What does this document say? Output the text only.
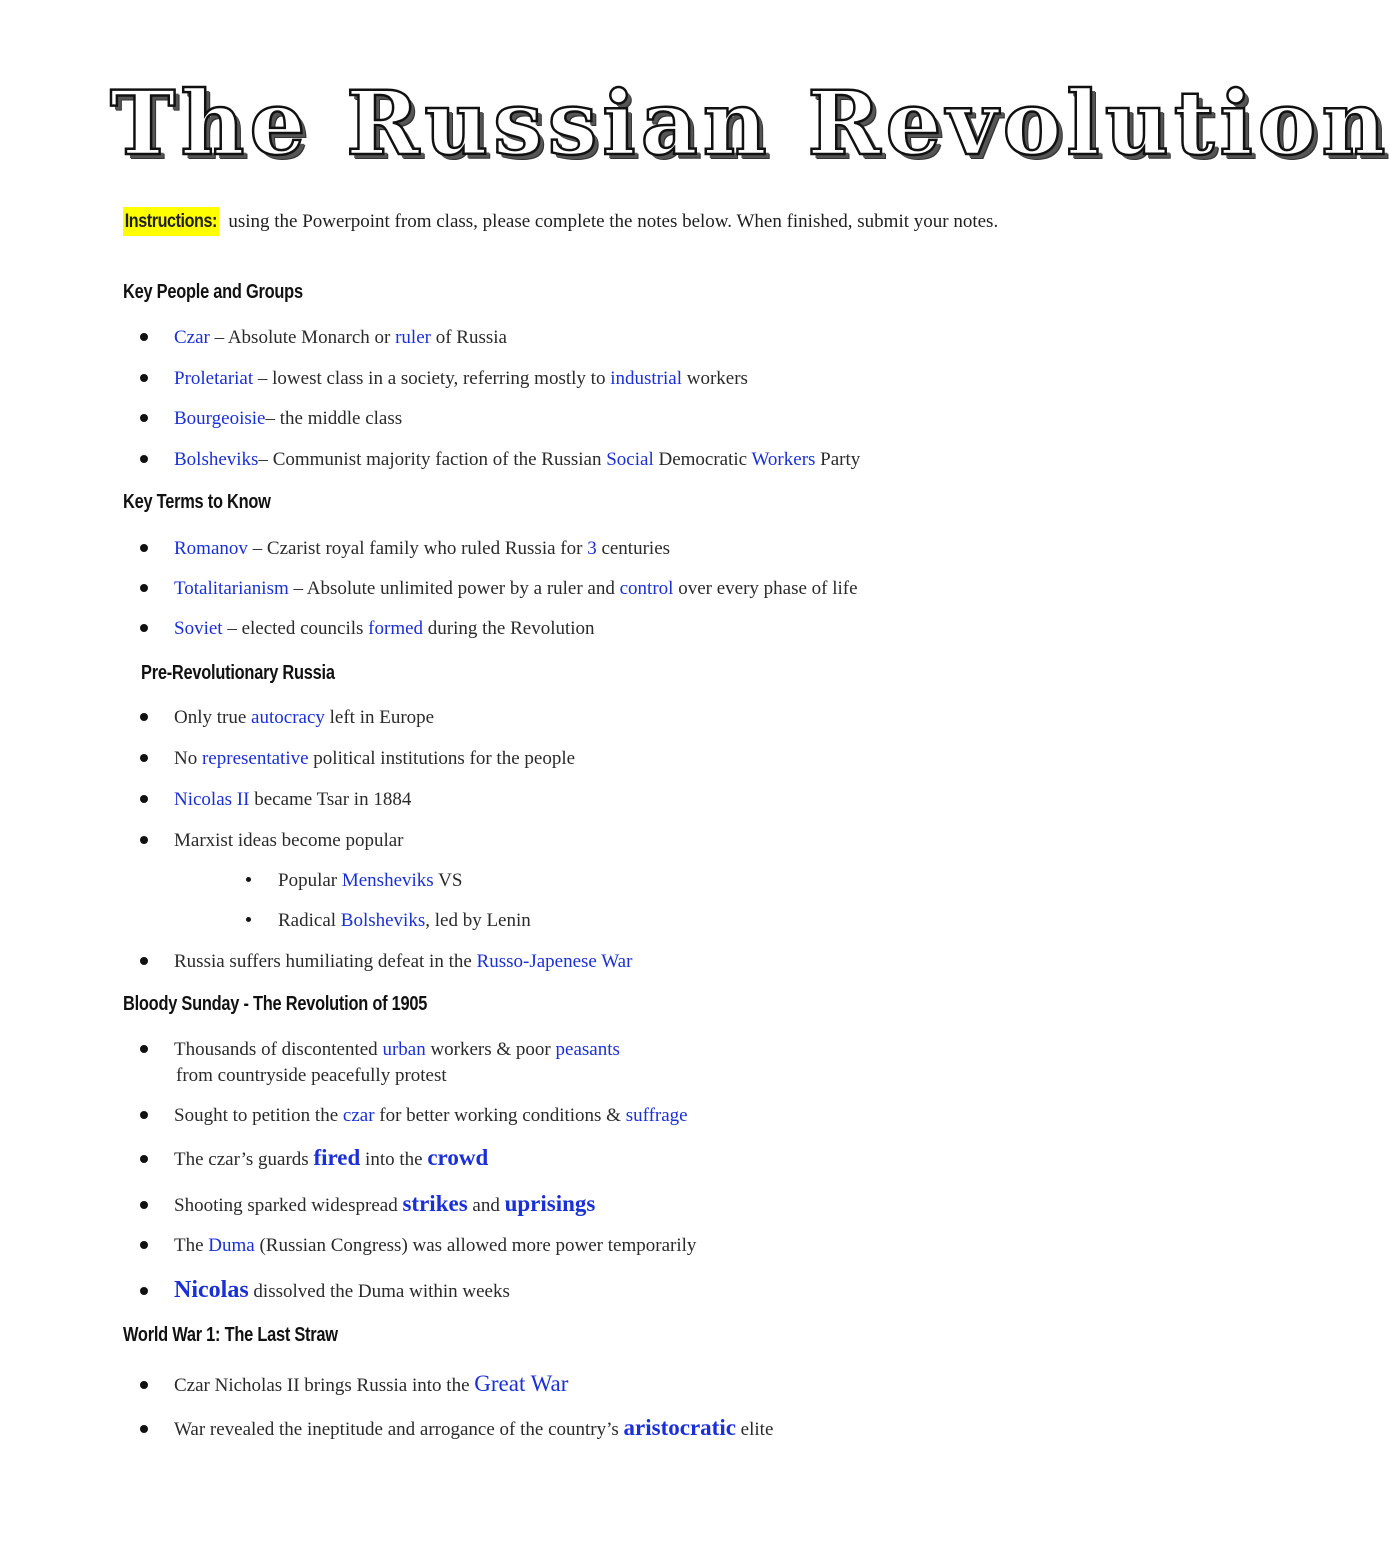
The Russian Revolution
Instructions: using the Powerpoint from class, please complete the notes below. When finished, submit your notes.
Key People and Groups
Czar – Absolute Monarch or ruler of Russia
Proletariat – lowest class in a society, referring mostly to industrial workers
Bourgeoisie– the middle class
Bolsheviks– Communist majority faction of the Russian Social Democratic Workers Party
Key Terms to Know
Romanov – Czarist royal family who ruled Russia for 3 centuries
Totalitarianism – Absolute unlimited power by a ruler and control over every phase of life
Soviet – elected councils formed during the Revolution
Pre-Revolutionary Russia
Only true autocracy left in Europe
No representative political institutions for the people
Nicolas II became Tsar in 1884
Marxist ideas become popular
Popular Mensheviks VS
Radical Bolsheviks, led by Lenin
Russia suffers humiliating defeat in the Russo-Japenese War
Bloody Sunday - The Revolution of 1905
Thousands of discontented urban workers & poor peasants
from countryside peacefully protest
Sought to petition the czar for better working conditions & suffrage
The czar’s guards fired into the crowd
Shooting sparked widespread strikes and uprisings
The Duma (Russian Congress) was allowed more power temporarily
Nicolas dissolved the Duma within weeks
World War 1: The Last Straw
Czar Nicholas II brings Russia into the Great War
War revealed the ineptitude and arrogance of the country’s aristocratic elite
